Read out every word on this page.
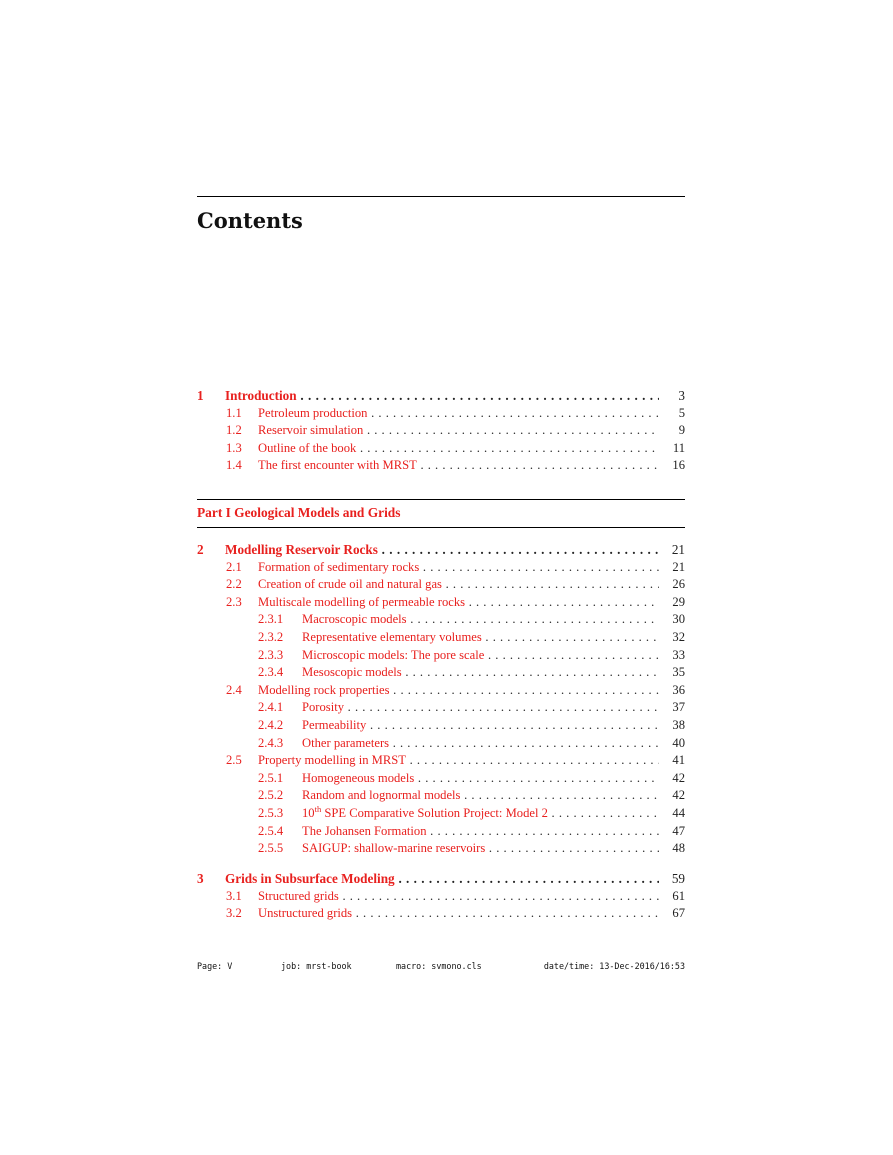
Contents
1 Introduction . . .	3
1.1 Petroleum production . . .	5
1.2 Reservoir simulation . . .	9
1.3 Outline of the book . . .	11
1.4 The first encounter with MRST . . .	16
Part I Geological Models and Grids
2 Modelling Reservoir Rocks . . .	21
2.1 Formation of sedimentary rocks . . .	21
2.2 Creation of crude oil and natural gas . . .	26
2.3 Multiscale modelling of permeable rocks . . .	29
2.3.1 Macroscopic models . . .	30
2.3.2 Representative elementary volumes . . .	32
2.3.3 Microscopic models: The pore scale . . .	33
2.3.4 Mesoscopic models . . .	35
2.4 Modelling rock properties . . .	36
2.4.1 Porosity . . .	37
2.4.2 Permeability . . .	38
2.4.3 Other parameters . . .	40
2.5 Property modelling in MRST . . .	41
2.5.1 Homogeneous models . . .	42
2.5.2 Random and lognormal models . . .	42
2.5.3 10th SPE Comparative Solution Project: Model 2 . . .	44
2.5.4 The Johansen Formation . . .	47
2.5.5 SAIGUP: shallow-marine reservoirs . . .	48
3 Grids in Subsurface Modeling . . .	59
3.1 Structured grids . . .	61
3.2 Unstructured grids . . .	67
Page: V	job: mrst-book	macro: svmono.cls	date/time: 13-Dec-2016/16:53
